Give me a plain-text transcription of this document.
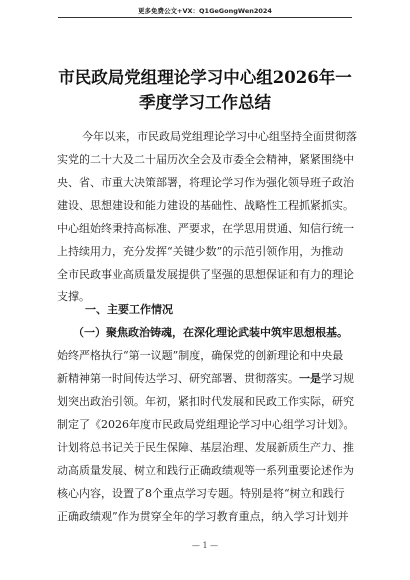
更多免费公文+VX：Q1GeGongWen2024
市民政局党组理论学习中心组2026年一
季度学习工作总结
今年以来，市民政局党组理论学习中心组坚持全面贯彻落
实党的二十大及二十届历次全会及市委全会精神，紧紧围绕中
央、省、市重大决策部署，将理论学习作为强化领导班子政治
建设、思想建设和能力建设的基础性、战略性工程抓紧抓实。
中心组始终秉持高标准、严要求，在学思用贯通、知信行统一
上持续用力，充分发挥“关键少数”的示范引领作用，为推动
全市民政事业高质量发展提供了坚强的思想保证和有力的理论
支撑。
一、主要工作情况
（一）聚焦政治铸魂，在深化理论武装中筑牢思想根基。
始终严格执行“第一议题”制度，确保党的创新理论和中央最
新精神第一时间传达学习、研究部署、贯彻落实。一是学习规
划突出政治引领。年初，紧扣时代发展和民政工作实际，研究
制定了《2026年度市民政局党组理论学习中心组学习计划》。
计划将总书记关于民生保障、基层治理、发展新质生产力、推
动高质量发展、树立和践行正确政绩观等一系列重要论述作为
核心内容，设置了8个重点学习专题。特别是将“树立和践行
正确政绩观”作为贯穿全年的学习教育重点，纳入学习计划并
— 1 —
